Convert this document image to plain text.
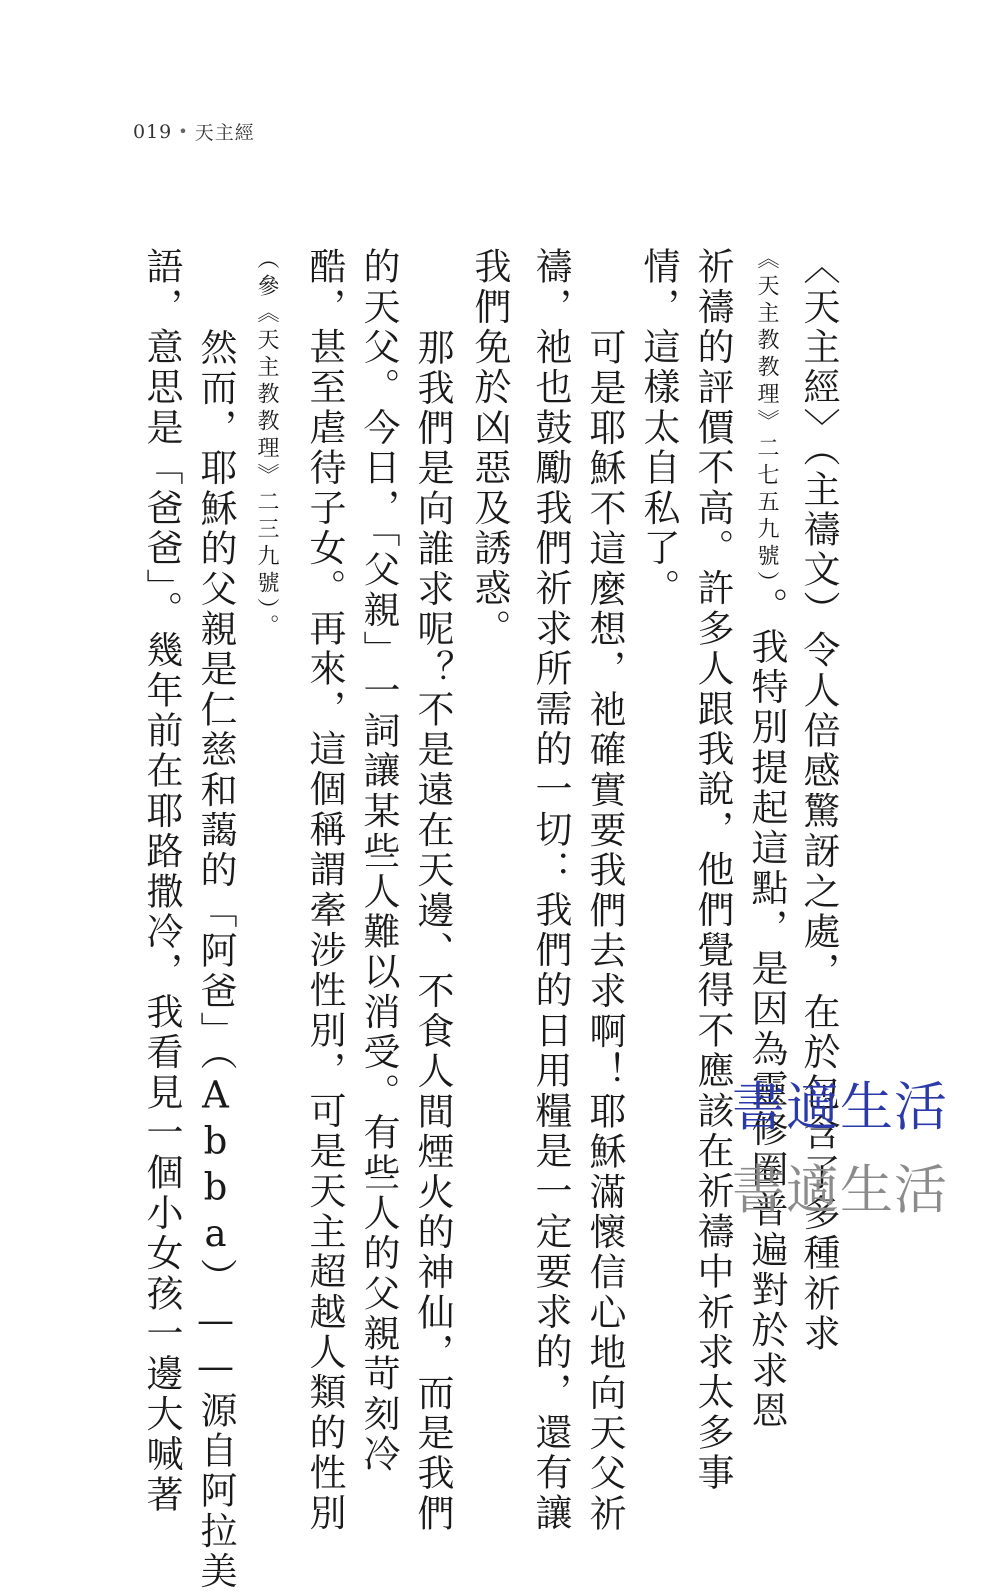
019 • 天主經
〈天主經〉（主禱文）令人倍感驚訝之處，在於包含了多種祈求
《天主教教理》二七五九號）。我特別提起這點，是因為靈修圈普遍對於求恩
祈禱的評價不高。許多人跟我說，他們覺得不應該在祈禱中祈求太多事
情，這樣太自私了。
可是耶穌不這麼想，祂確實要我們去求啊！耶穌滿懷信心地向天父祈
禱，祂也鼓勵我們祈求所需的一切：我們的日用糧是一定要求的，還有讓
我們免於凶惡及誘惑。
那我們是向誰求呢？不是遠在天邊、不食人間煙火的神仙，而是我們
的天父。今日，「父親」一詞讓某些人難以消受。有些人的父親苛刻冷
酷，甚至虐待子女。再來，這個稱謂牽涉性別，可是天主超越人類的性別
（參《天主教教理》二三九號）。
然而，耶穌的父親是仁慈和藹的「阿爸」（Abba）——源自阿拉美
語，意思是「爸爸」。幾年前在耶路撒冷，我看見一個小女孩一邊大喊著	書適生活
書適生活
